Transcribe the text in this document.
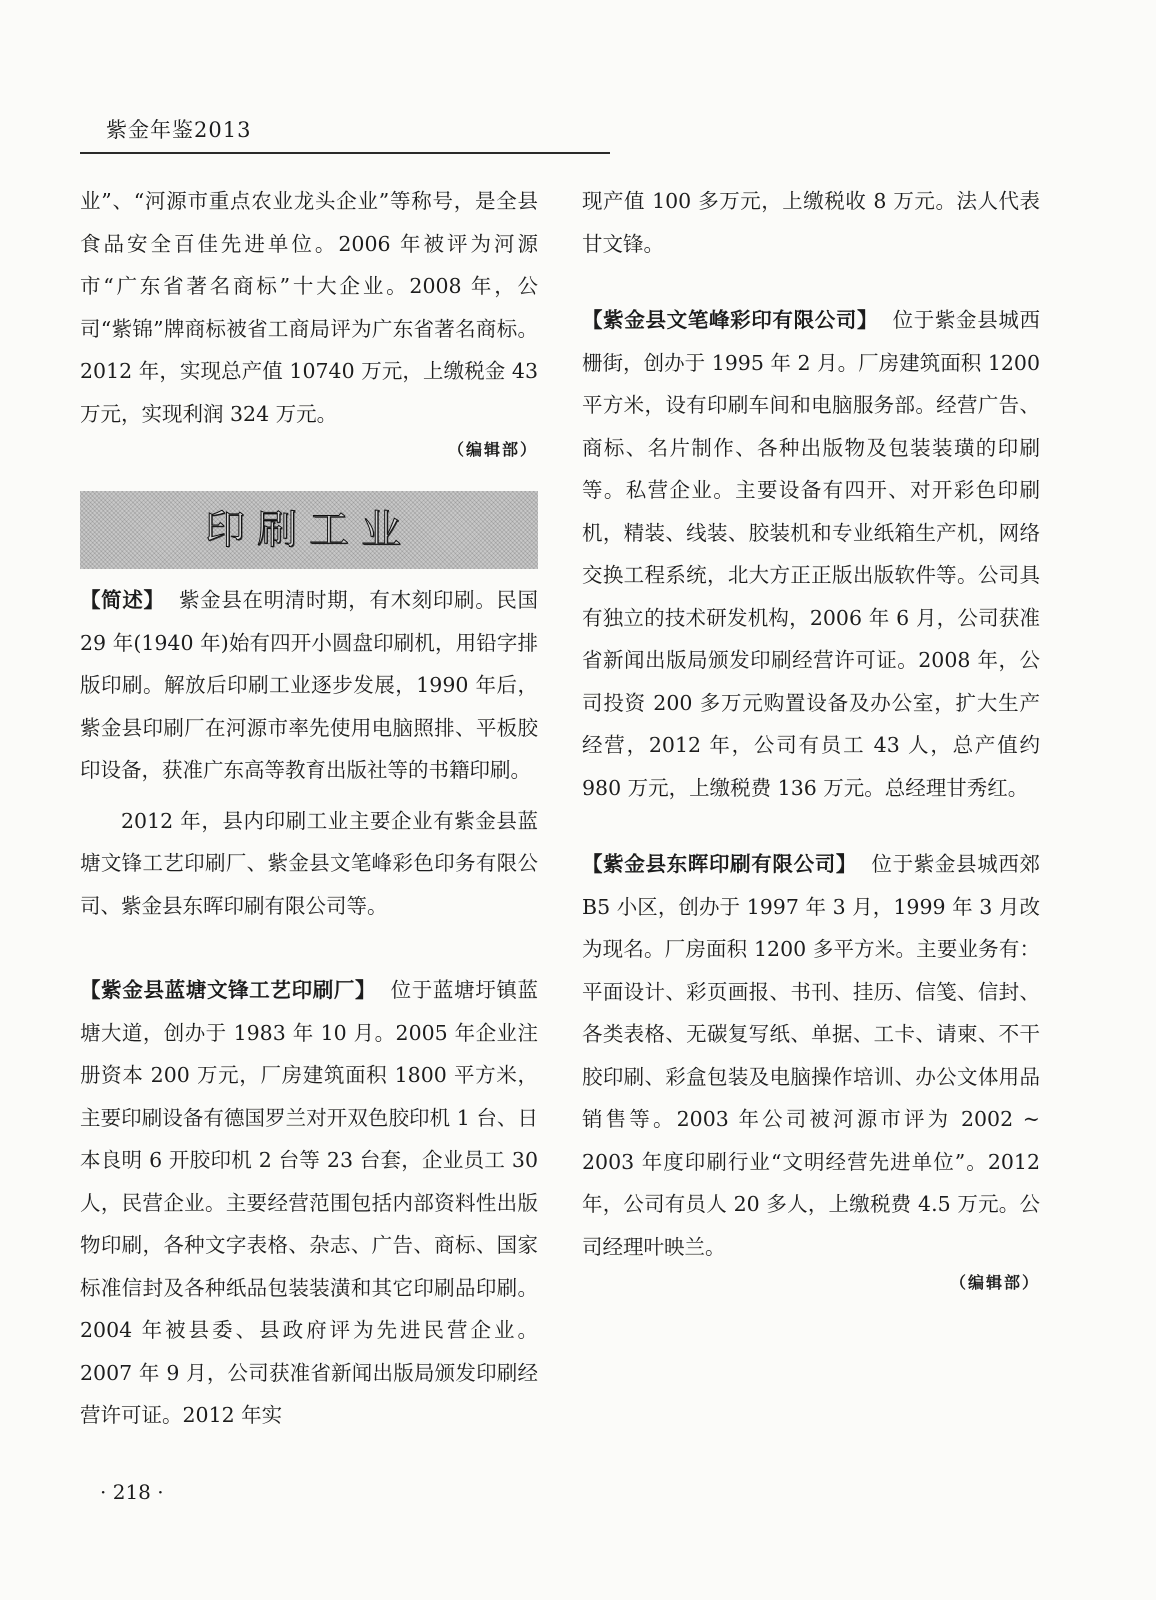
紫金年鉴2013

业”、“河源市重点农业龙头企业”等称号，是全县食品安全百佳先进单位。2006 年被评为河源市“广东省著名商标”十大企业。2008 年，公司“紫锦”牌商标被省工商局评为广东省著名商标。2012 年，实现总产值 10740 万元，上缴税金 43 万元，实现利润 324 万元。

（编辑部）
印刷工业

【简述】 紫金县在明清时期，有木刻印刷。民国 29 年(1940 年)始有四开小圆盘印刷机，用铅字排版印刷。解放后印刷工业逐步发展，1990 年后，紫金县印刷厂在河源市率先使用电脑照排、平板胶印设备，获准广东高等教育出版社等的书籍印刷。

2012 年，县内印刷工业主要企业有紫金县蓝塘文锋工艺印刷厂、紫金县文笔峰彩色印务有限公司、紫金县东晖印刷有限公司等。

【紫金县蓝塘文锋工艺印刷厂】 位于蓝塘圩镇蓝塘大道，创办于 1983 年 10 月。2005 年企业注册资本 200 万元，厂房建筑面积 1800 平方米，主要印刷设备有德国罗兰对开双色胶印机 1 台、日本良明 6 开胶印机 2 台等 23 台套，企业员工 30 人，民营企业。主要经营范围包括内部资料性出版物印刷，各种文字表格、杂志、广告、商标、国家标准信封及各种纸品包装装潢和其它印刷品印刷。2004 年被县委、县政府评为先进民营企业。2007 年 9 月，公司获准省新闻出版局颁发印刷经营许可证。2012 年实

现产值 100 多万元，上缴税收 8 万元。法人代表甘文锋。

【紫金县文笔峰彩印有限公司】 位于紫金县城西栅街，创办于 1995 年 2 月。厂房建筑面积 1200 平方米，设有印刷车间和电脑服务部。经营广告、商标、名片制作、各种出版物及包装装璜的印刷等。私营企业。主要设备有四开、对开彩色印刷机，精装、线装、胶装机和专业纸箱生产机，网络交换工程系统，北大方正正版出版软件等。公司具有独立的技术研发机构，2006 年 6 月，公司获准省新闻出版局颁发印刷经营许可证。2008 年，公司投资 200 多万元购置设备及办公室，扩大生产经营，2012 年，公司有员工 43 人，总产值约 980 万元，上缴税费 136 万元。总经理甘秀红。

【紫金县东晖印刷有限公司】 位于紫金县城西郊 B5 小区，创办于 1997 年 3 月，1999 年 3 月改为现名。厂房面积 1200 多平方米。主要业务有：平面设计、彩页画报、书刊、挂历、信笺、信封、各类表格、无碳复写纸、单据、工卡、请柬、不干胶印刷、彩盒包装及电脑操作培训、办公文体用品销售等。2003 年公司被河源市评为 2002 ~ 2003 年度印刷行业“文明经营先进单位”。2012 年，公司有员人 20 多人，上缴税费 4.5 万元。公司经理叶映兰。

（编辑部）
· 218 ·
